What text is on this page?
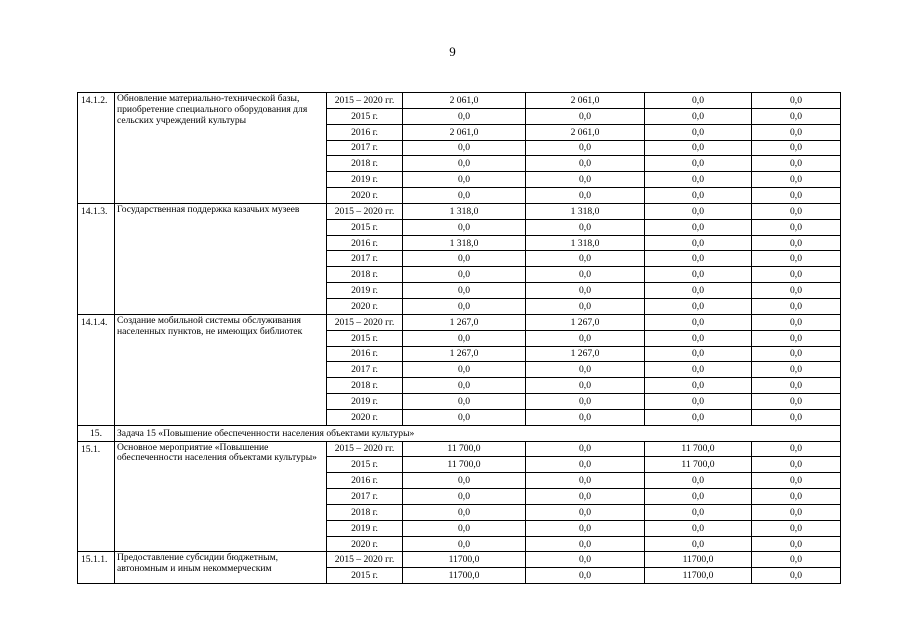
9
14.1.2.	Обновление материально-технической базы, приобретение специального оборудования для сельских учреждений культуры	2015 – 2020 гг.	2 061,0	2 061,0	0,0	0,0
		2015 г.	0,0	0,0	0,0	0,0
		2016 г.	2 061,0	2 061,0	0,0	0,0
		2017 г.	0,0	0,0	0,0	0,0
		2018 г.	0,0	0,0	0,0	0,0
		2019 г.	0,0	0,0	0,0	0,0
		2020 г.	0,0	0,0	0,0	0,0
14.1.3.	Государственная поддержка казачьих музеев	2015 – 2020 гг.	1 318,0	1 318,0	0,0	0,0
		2015 г.	0,0	0,0	0,0	0,0
		2016 г.	1 318,0	1 318,0	0,0	0,0
		2017 г.	0,0	0,0	0,0	0,0
		2018 г.	0,0	0,0	0,0	0,0
		2019 г.	0,0	0,0	0,0	0,0
		2020 г.	0,0	0,0	0,0	0,0
14.1.4.	Создание мобильной системы обслуживания населенных пунктов, не имеющих библиотек	2015 – 2020 гг.	1 267,0	1 267,0	0,0	0,0
		2015 г.	0,0	0,0	0,0	0,0
		2016 г.	1 267,0	1 267,0	0,0	0,0
		2017 г.	0,0	0,0	0,0	0,0
		2018 г.	0,0	0,0	0,0	0,0
		2019 г.	0,0	0,0	0,0	0,0
		2020 г.	0,0	0,0	0,0	0,0
15.	Задача 15 «Повышение обеспеченности населения объектами культуры»					
15.1.	Основное мероприятие «Повышение обеспеченности населения объектами культуры»	2015 – 2020 гг.	11 700,0	0,0	11 700,0	0,0
		2015 г.	11 700,0	0,0	11 700,0	0,0
		2016 г.	0,0	0,0	0,0	0,0
		2017 г.	0,0	0,0	0,0	0,0
		2018 г.	0,0	0,0	0,0	0,0
		2019 г.	0,0	0,0	0,0	0,0
		2020 г.	0,0	0,0	0,0	0,0
15.1.1.	Предоставление субсидии бюджетным, автономным и иным некоммерческим	2015 – 2020 гг.	11700,0	0,0	11700,0	0,0
		2015 г.	11700,0	0,0	11700,0	0,0
